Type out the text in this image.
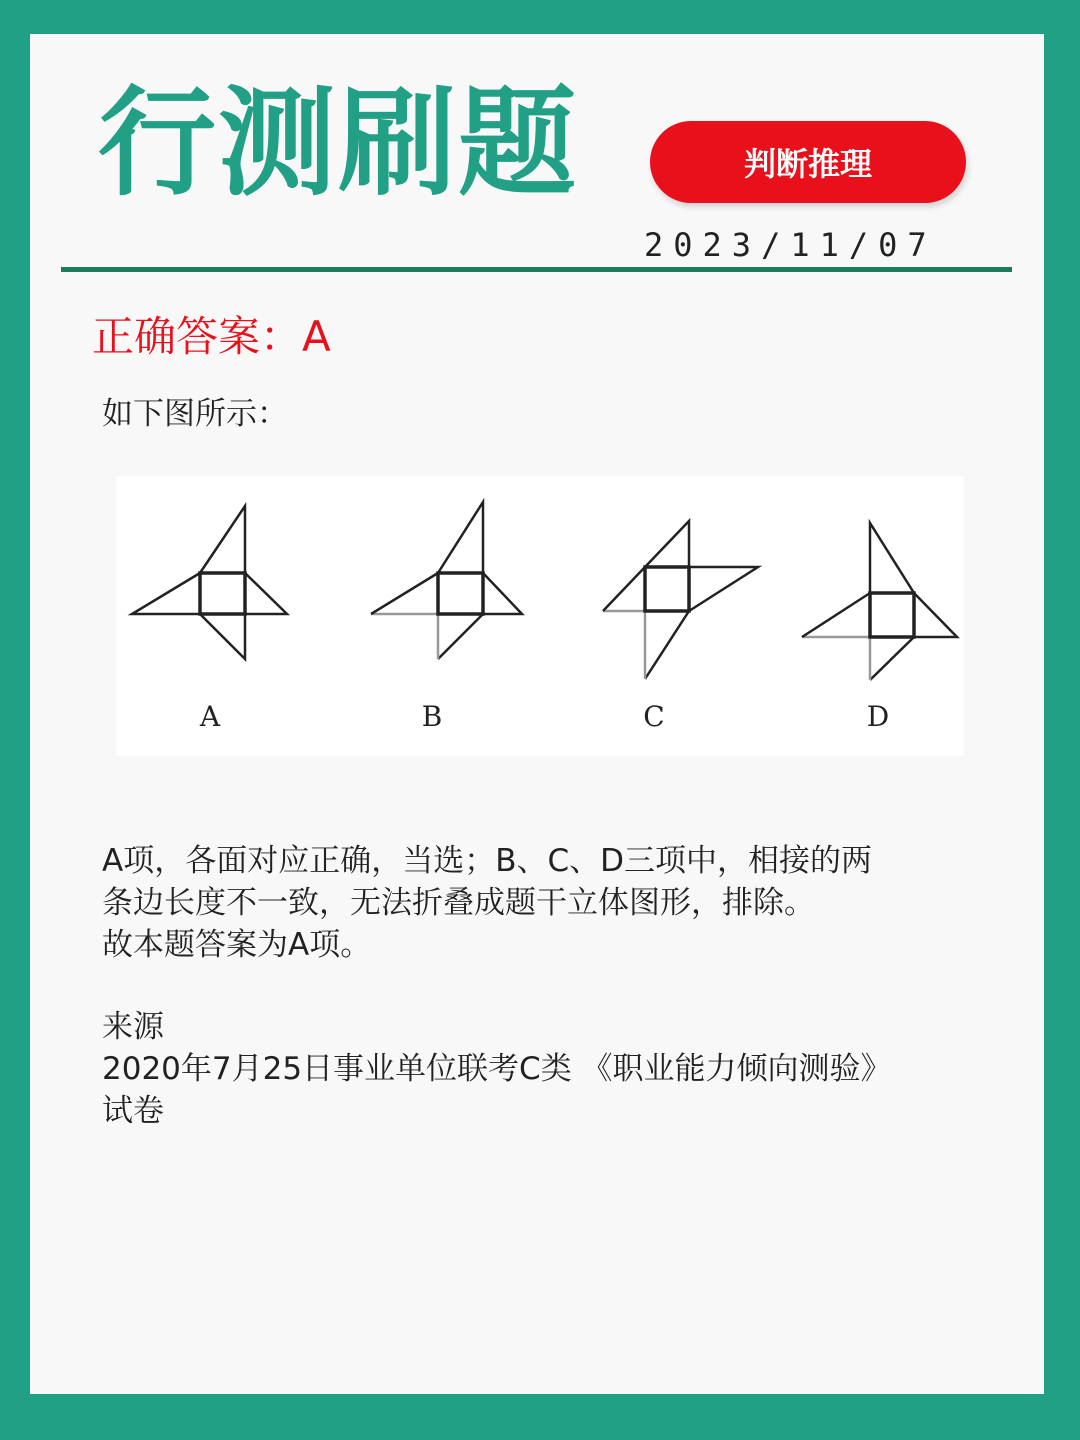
行测刷题	判断推理
2023/11/07
正确答案：A
如下图所示：
A	B	C	D
A项，各面对应正确，当选；B、C、D三项中，相接的两
条边长度不一致，无法折叠成题干立体图形，排除。
故本题答案为A项。
来源
2020年7月25日事业单位联考C类 《职业能力倾向测验》
试卷
